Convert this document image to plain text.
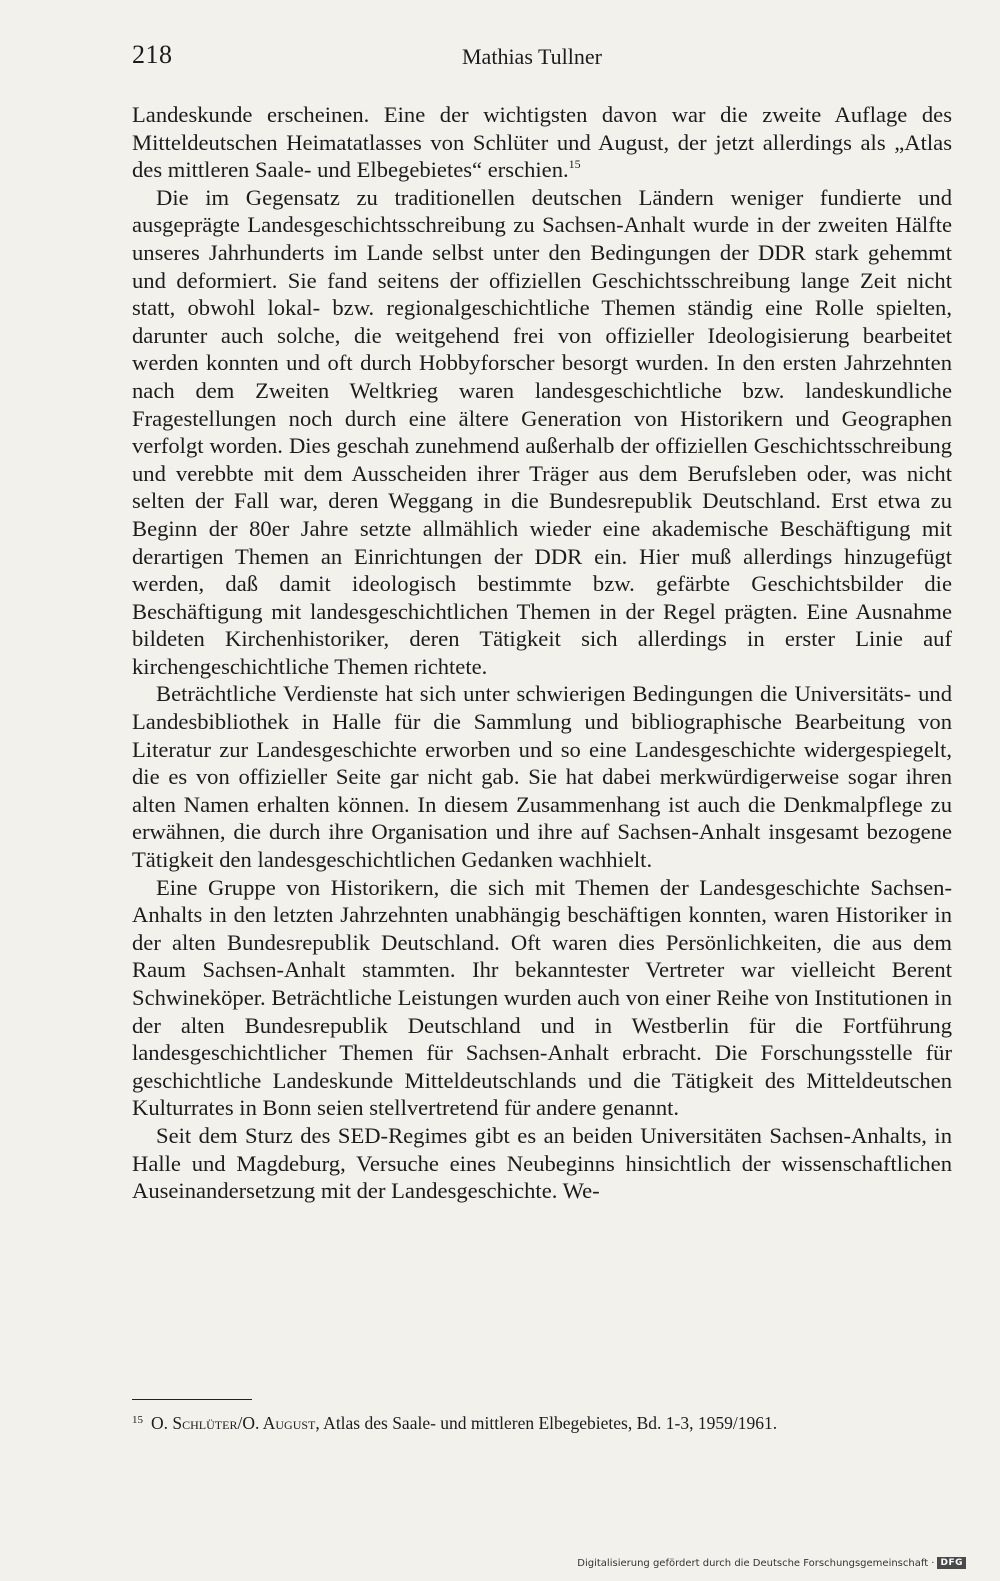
218	Mathias Tullner

Landeskunde erscheinen. Eine der wichtigsten davon war die zweite Auflage des Mitteldeutschen Heimatatlasses von Schlüter und August, der jetzt allerdings als „Atlas des mittleren Saale- und Elbegebietes“ erschien.$^{15}$

Die im Gegensatz zu traditionellen deutschen Ländern weniger fundierte und ausgeprägte Landesgeschichtsschreibung zu Sachsen-Anhalt wurde in der zweiten Hälfte unseres Jahrhunderts im Lande selbst unter den Bedingungen der DDR stark gehemmt und deformiert. Sie fand seitens der offiziellen Geschichtsschreibung lange Zeit nicht statt, obwohl lokal- bzw. regionalgeschichtliche Themen ständig eine Rolle spielten, darunter auch solche, die weitgehend frei von offizieller Ideologisierung bearbeitet werden konnten und oft durch Hobbyforscher besorgt wurden. In den ersten Jahrzehnten nach dem Zweiten Weltkrieg waren landesgeschichtliche bzw. landeskundliche Fragestellungen noch durch eine ältere Generation von Historikern und Geographen verfolgt worden. Dies geschah zunehmend außerhalb der offiziellen Geschichtsschreibung und verebbte mit dem Ausscheiden ihrer Träger aus dem Berufsleben oder, was nicht selten der Fall war, deren Weggang in die Bundesrepublik Deutschland. Erst etwa zu Beginn der 80er Jahre setzte allmählich wieder eine akademische Beschäftigung mit derartigen Themen an Einrichtungen der DDR ein. Hier muß allerdings hinzugefügt werden, daß damit ideologisch bestimmte bzw. gefärbte Geschichtsbilder die Beschäftigung mit landesgeschichtlichen Themen in der Regel prägten. Eine Ausnahme bildeten Kirchenhistoriker, deren Tätigkeit sich allerdings in erster Linie auf kirchengeschichtliche Themen richtete.

Beträchtliche Verdienste hat sich unter schwierigen Bedingungen die Universitäts- und Landesbibliothek in Halle für die Sammlung und bibliographische Bearbeitung von Literatur zur Landesgeschichte erworben und so eine Landesgeschichte widergespiegelt, die es von offizieller Seite gar nicht gab. Sie hat dabei merkwürdigerweise sogar ihren alten Namen erhalten können. In diesem Zusammenhang ist auch die Denkmalpflege zu erwähnen, die durch ihre Organisation und ihre auf Sachsen-Anhalt insgesamt bezogene Tätigkeit den landesgeschichtlichen Gedanken wachhielt.

Eine Gruppe von Historikern, die sich mit Themen der Landesgeschichte Sachsen-Anhalts in den letzten Jahrzehnten unabhängig beschäftigen konnten, waren Historiker in der alten Bundesrepublik Deutschland. Oft waren dies Persönlichkeiten, die aus dem Raum Sachsen-Anhalt stammten. Ihr bekanntester Vertreter war vielleicht Berent Schwineköper. Beträchtliche Leistungen wurden auch von einer Reihe von Institutionen in der alten Bundesrepublik Deutschland und in Westberlin für die Fortführung landesgeschichtlicher Themen für Sachsen-Anhalt erbracht. Die Forschungsstelle für geschichtliche Landeskunde Mitteldeutschlands und die Tätigkeit des Mitteldeutschen Kulturrates in Bonn seien stellvertretend für andere genannt.

Seit dem Sturz des SED-Regimes gibt es an beiden Universitäten Sachsen-Anhalts, in Halle und Magdeburg, Versuche eines Neubeginns hinsichtlich der wissenschaftlichen Auseinandersetzung mit der Landesgeschichte. We-

$^{15}$ O. Schlüter/O. August, Atlas des Saale- und mittleren Elbegebietes, Bd. 1-3, 1959/1961.
Digitalisierung gefördert durch die Deutsche Forschungsgemeinschaft · DFG
